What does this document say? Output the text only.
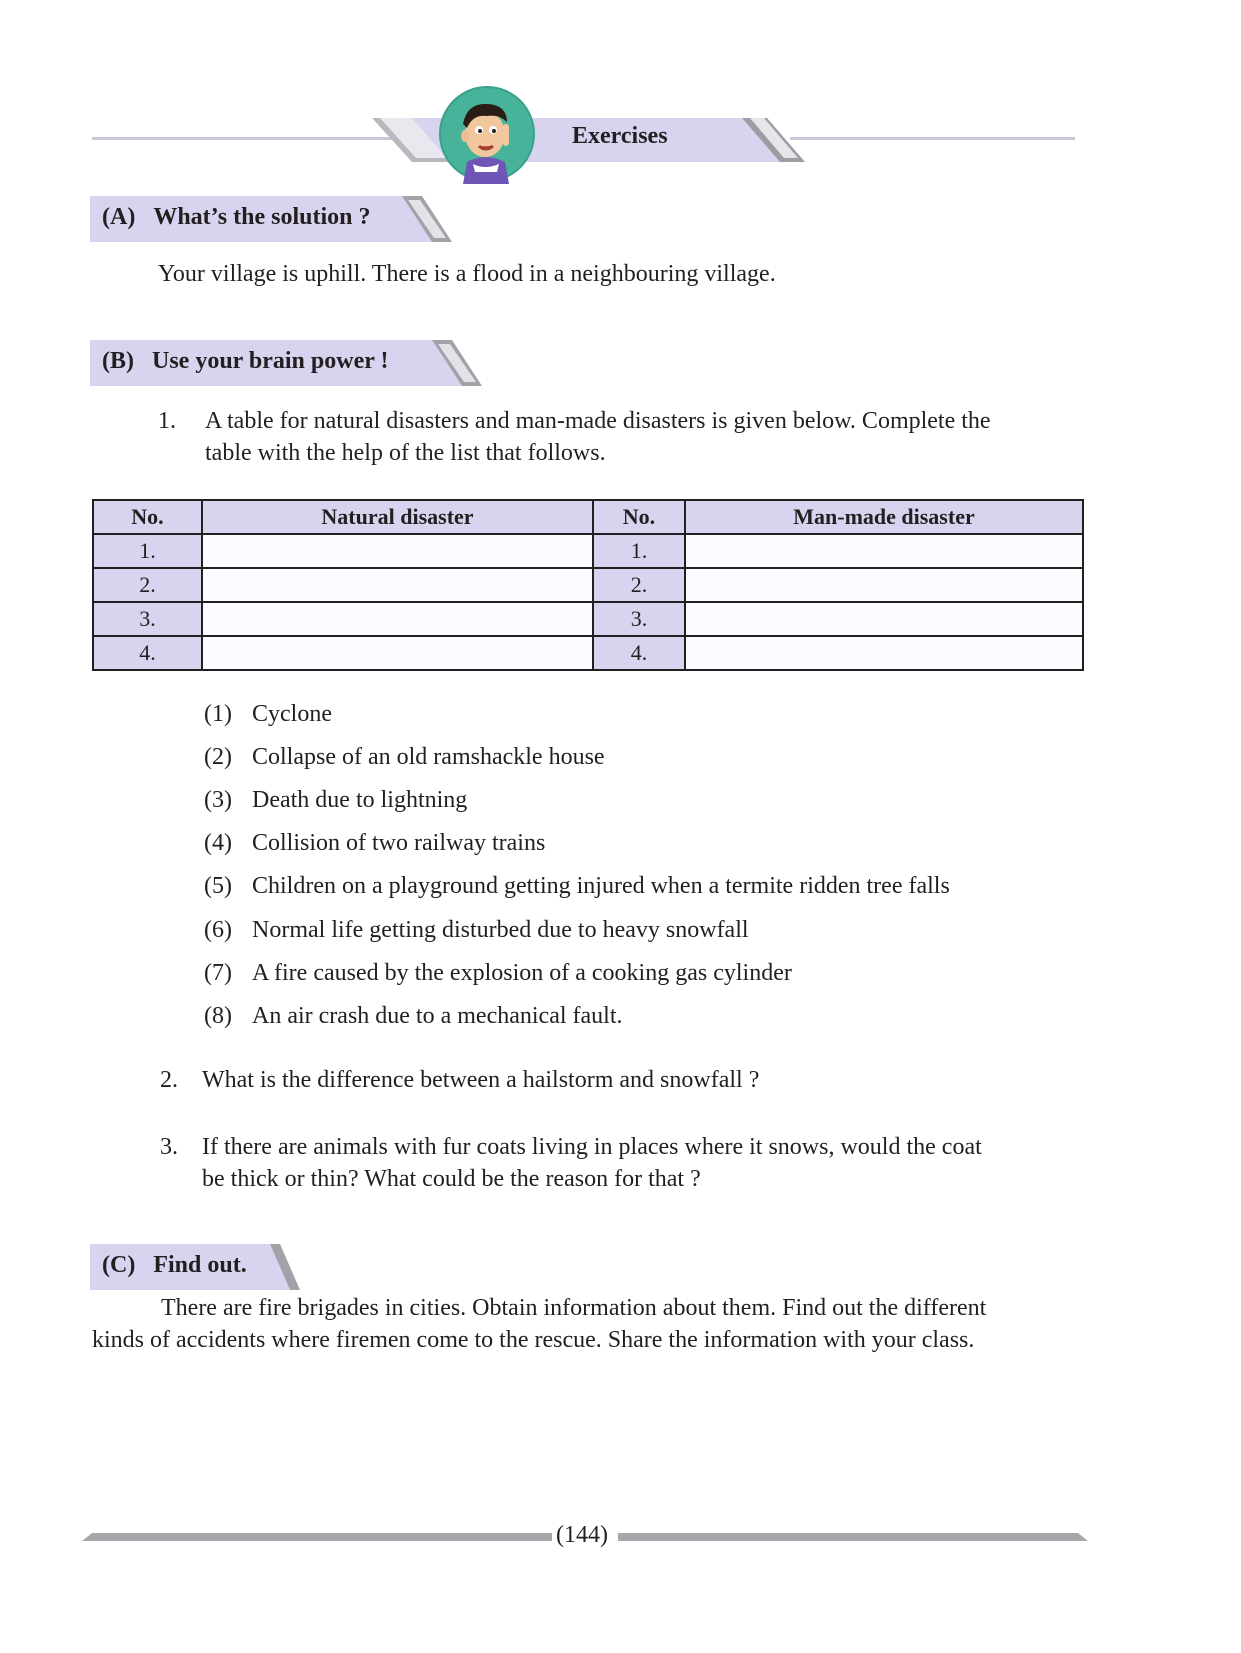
Exercises
(A) What’s the solution ?
Your village is uphill. There is a flood in a neighbouring village.
(B) Use your brain power !
1. A table for natural disasters and man-made disasters is given below. Complete the
table with the help of the list that follows.
No.	Natural disaster	No.	Man-made disaster
1.		1.	
2.		2.	
3.		3.	
4.		4.	
(1) Cyclone
(2) Collapse of an old ramshackle house
(3) Death due to lightning
(4) Collision of two railway trains
(5) Children on a playground getting injured when a termite ridden tree falls
(6) Normal life getting disturbed due to heavy snowfall
(7) A fire caused by the explosion of a cooking gas cylinder
(8) An air crash due to a mechanical fault.
2. What is the difference between a hailstorm and snowfall ?
3. If there are animals with fur coats living in places where it snows, would the coat
be thick or thin? What could be the reason for that ?
(C) Find out.
There are fire brigades in cities. Obtain information about them. Find out the different
kinds of accidents where firemen come to the rescue. Share the information with your class.
(144)
